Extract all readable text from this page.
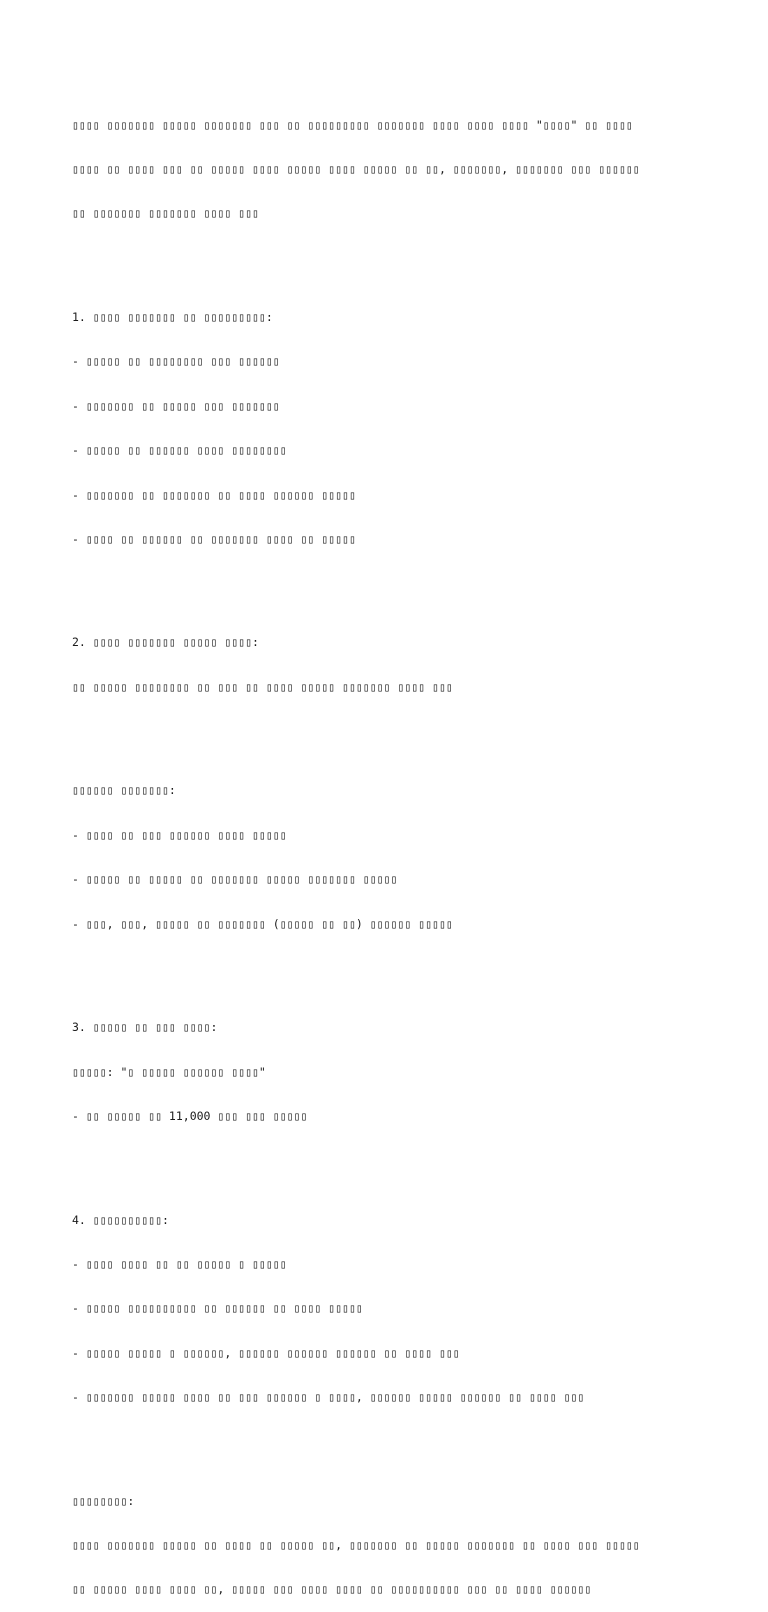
▯▯▯▯ ▯▯▯▯▯▯▯ ▯▯▯▯▯ ▯▯▯▯▯▯▯ ▯▯▯ ▯▯ ▯▯▯▯▯▯▯▯▯ ▯▯▯▯▯▯▯ ▯▯▯▯ ▯▯▯▯ ▯▯▯▯ "▯▯▯▯" ▯▯ ▯▯▯▯

▯▯▯▯ ▯▯ ▯▯▯▯ ▯▯▯ ▯▯ ▯▯▯▯▯ ▯▯▯▯ ▯▯▯▯▯ ▯▯▯▯ ▯▯▯▯▯ ▯▯ ▯▯, ▯▯▯▯▯▯▯, ▯▯▯▯▯▯▯ ▯▯▯ ▯▯▯▯▯▯

▯▯ ▯▯▯▯▯▯▯ ▯▯▯▯▯▯▯ ▯▯▯▯ ▯▯▯

1. ▯▯▯▯ ▯▯▯▯▯▯▯ ▯▯ ▯▯▯▯▯▯▯▯▯:

- ▯▯▯▯▯ ▯▯ ▯▯▯▯▯▯▯▯ ▯▯▯ ▯▯▯▯▯▯

- ▯▯▯▯▯▯▯ ▯▯ ▯▯▯▯▯ ▯▯▯ ▯▯▯▯▯▯▯

- ▯▯▯▯▯ ▯▯ ▯▯▯▯▯▯ ▯▯▯▯ ▯▯▯▯▯▯▯▯

- ▯▯▯▯▯▯▯ ▯▯ ▯▯▯▯▯▯▯ ▯▯ ▯▯▯▯ ▯▯▯▯▯▯ ▯▯▯▯▯

- ▯▯▯▯ ▯▯ ▯▯▯▯▯▯ ▯▯ ▯▯▯▯▯▯▯ ▯▯▯▯ ▯▯ ▯▯▯▯▯

2. ▯▯▯▯ ▯▯▯▯▯▯▯ ▯▯▯▯▯ ▯▯▯▯:

▯▯ ▯▯▯▯▯ ▯▯▯▯▯▯▯▯ ▯▯ ▯▯▯ ▯▯ ▯▯▯▯ ▯▯▯▯▯ ▯▯▯▯▯▯▯ ▯▯▯▯ ▯▯▯

▯▯▯▯▯▯ ▯▯▯▯▯▯▯:

- ▯▯▯▯ ▯▯ ▯▯▯ ▯▯▯▯▯▯ ▯▯▯▯ ▯▯▯▯▯

- ▯▯▯▯▯ ▯▯ ▯▯▯▯▯ ▯▯ ▯▯▯▯▯▯▯ ▯▯▯▯▯ ▯▯▯▯▯▯▯ ▯▯▯▯▯

- ▯▯▯, ▯▯▯, ▯▯▯▯▯ ▯▯ ▯▯▯▯▯▯▯ (▯▯▯▯▯ ▯▯ ▯▯) ▯▯▯▯▯▯ ▯▯▯▯▯

3. ▯▯▯▯▯ ▯▯ ▯▯▯ ▯▯▯▯:

▯▯▯▯▯: "▯ ▯▯▯▯▯ ▯▯▯▯▯▯ ▯▯▯▯"

- ▯▯ ▯▯▯▯▯ ▯▯ 11,000 ▯▯▯ ▯▯▯ ▯▯▯▯▯

4. ▯▯▯▯▯▯▯▯▯▯:

- ▯▯▯▯ ▯▯▯▯ ▯▯ ▯▯ ▯▯▯▯▯ ▯ ▯▯▯▯▯

- ▯▯▯▯▯ ▯▯▯▯▯▯▯▯▯▯ ▯▯ ▯▯▯▯▯▯ ▯▯ ▯▯▯▯ ▯▯▯▯▯

- ▯▯▯▯▯ ▯▯▯▯▯ ▯ ▯▯▯▯▯▯, ▯▯▯▯▯▯ ▯▯▯▯▯▯ ▯▯▯▯▯▯ ▯▯ ▯▯▯▯ ▯▯▯

- ▯▯▯▯▯▯▯ ▯▯▯▯▯ ▯▯▯▯ ▯▯ ▯▯▯ ▯▯▯▯▯▯ ▯ ▯▯▯▯, ▯▯▯▯▯▯ ▯▯▯▯▯ ▯▯▯▯▯▯ ▯▯ ▯▯▯▯ ▯▯▯

▯▯▯▯▯▯▯▯:

▯▯▯▯ ▯▯▯▯▯▯▯ ▯▯▯▯▯ ▯▯ ▯▯▯▯ ▯▯ ▯▯▯▯▯ ▯▯, ▯▯▯▯▯▯▯ ▯▯ ▯▯▯▯▯ ▯▯▯▯▯▯▯ ▯▯ ▯▯▯▯ ▯▯▯ ▯▯▯▯▯

▯▯ ▯▯▯▯▯ ▯▯▯▯ ▯▯▯▯ ▯▯, ▯▯▯▯▯ ▯▯▯ ▯▯▯▯ ▯▯▯▯ ▯▯ ▯▯▯▯▯▯▯▯▯▯ ▯▯▯ ▯▯ ▯▯▯▯ ▯▯▯▯▯▯
